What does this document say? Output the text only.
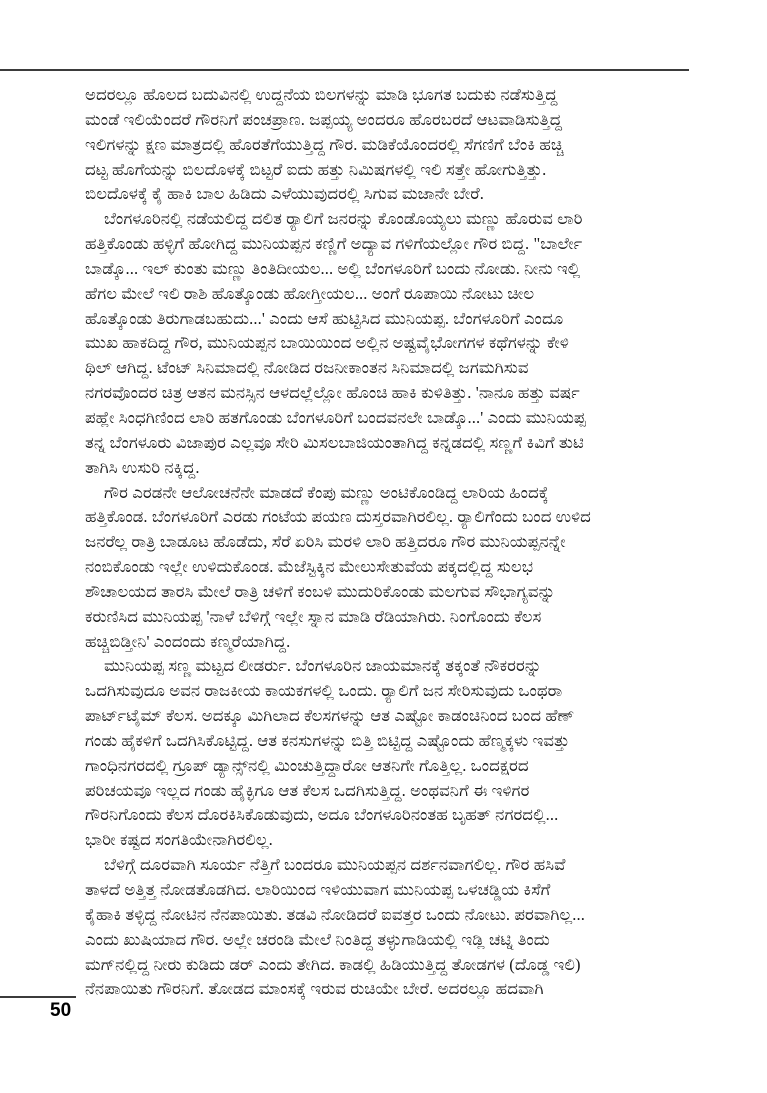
ಅದರಲ್ಲೂ ಹೊಲದ ಬದುವಿನಲ್ಲಿ ಉದ್ದನೆಯ ಬಿಲಗಳನ್ನು ಮಾಡಿ ಭೂಗತ ಬದುಕು ನಡೆಸುತ್ತಿದ್ದ
ಮಂಡೆ ಇಲಿಯೆಂದರೆ ಗೌರನಿಗೆ ಪಂಚಪ್ರಾಣ. ಜಪ್ಪಯ್ಯ ಅಂದರೂ ಹೊರಬರದೆ ಆಟವಾಡಿಸುತ್ತಿದ್ದ
ಇಲಿಗಳನ್ನು ಕ್ಷಣ ಮಾತ್ರದಲ್ಲಿ ಹೊರತೆಗೆಯುತ್ತಿದ್ದ ಗೌರ. ಮಡಿಕೆಯೊಂದರಲ್ಲಿ ಸೆಗಣಿಗೆ ಬೆಂಕಿ ಹಚ್ಚಿ
ದಟ್ಟ ಹೊಗೆಯನ್ನು ಬಿಲದೊಳಕ್ಕೆ ಬಿಟ್ಟರೆ ಐದು ಹತ್ತು ನಿಮಿಷಗಳಲ್ಲಿ ಇಲಿ ಸತ್ತೇ ಹೋಗುತ್ತಿತ್ತು.
ಬಿಲದೊಳಕ್ಕೆ ಕೈ ಹಾಕಿ ಬಾಲ ಹಿಡಿದು ಎಳೆಯುವುದರಲ್ಲಿ ಸಿಗುವ ಮಜಾನೇ ಬೇರೆ.
ಬೆಂಗಳೂರಿನಲ್ಲಿ ನಡೆಯಲಿದ್ದ ದಲಿತ ರ‍್ಯಾಲಿಗೆ ಜನರನ್ನು ಕೊಂಡೊಯ್ಯಲು ಮಣ್ಣು ಹೊರುವ ಲಾರಿ
ಹತ್ತಿಕೊಂಡು ಹಳ್ಳಿಗೆ ಹೋಗಿದ್ದ ಮುನಿಯಪ್ಪನ ಕಣ್ಣಿಗೆ ಅದ್ಯಾವ ಗಳಿಗೆಯಲ್ಲೋ ಗೌರ ಬಿದ್ದ. "ಬಾರ್ಲೇ
ಬಾಡ್ಕೊ... ಇಲ್ ಕುಂತು ಮಣ್ಣು ತಿಂತಿದೀಯಲ... ಅಲ್ಲಿ ಬೆಂಗಳೂರಿಗೆ ಬಂದು ನೋಡು. ನೀನು ಇಲ್ಲಿ
ಹೆಗಲ ಮೇಲೆ ಇಲಿ ರಾಶಿ ಹೊತ್ಕೊಂಡು ಹೋಗ್ತೀಯಲ... ಅಂಗೆ ರೂಪಾಯಿ ನೋಟು ಚೀಲ
ಹೊತ್ಕೊಂಡು ತಿರುಗಾಡಬಹುದು...' ಎಂದು ಆಸೆ ಹುಟ್ಟಿಸಿದ ಮುನಿಯಪ್ಪ. ಬೆಂಗಳೂರಿಗೆ ಎಂದೂ
ಮುಖ ಹಾಕದಿದ್ದ ಗೌರ, ಮುನಿಯಪ್ಪನ ಬಾಯಿಯಿಂದ ಅಲ್ಲಿನ ಅಷ್ಟವೈಭೋಗಗಳ ಕಥೆಗಳನ್ನು ಕೇಳಿ
ಥಿಲ್ ಆಗಿದ್ದ. ಟೆಂಟ್ ಸಿನಿಮಾದಲ್ಲಿ ನೋಡಿದ ರಜನೀಕಾಂತನ ಸಿನಿಮಾದಲ್ಲಿ ಜಗಮಗಿಸುವ
ನಗರವೊಂದರ ಚಿತ್ರ ಆತನ ಮನಸ್ಸಿನ ಆಳದಲ್ಲೆಲ್ಲೋ ಹೊಂಚಿ ಹಾಕಿ ಕುಳಿತಿತ್ತು. 'ನಾನೂ ಹತ್ತು ವರ್ಷ
ಪಹ್ಲೇ ಸಿಂಧಗಿಣಿಂದ ಲಾರಿ ಹತಗೊಂಡು ಬೆಂಗಳೂರಿಗೆ ಬಂದವನಲೇ ಬಾಡ್ಕೊ...' ಎಂದು ಮುನಿಯಪ್ಪ
ತನ್ನ ಬೆಂಗಳೂರು ವಿಜಾಪುರ ಎಲ್ಲವೂ ಸೇರಿ ಮಿಸಲಬಾಜಿಯಂತಾಗಿದ್ದ ಕನ್ನಡದಲ್ಲಿ ಸಣ್ಣಗೆ ಕಿವಿಗೆ ತುಟಿ
ತಾಗಿಸಿ ಉಸುರಿ ನಕ್ಕಿದ್ದ.
ಗೌರ ಎರಡನೇ ಆಲೋಚನೆನೇ ಮಾಡದೆ ಕೆಂಪು ಮಣ್ಣು ಅಂಟಿಕೊಂಡಿದ್ದ ಲಾರಿಯ ಹಿಂದಕ್ಕೆ
ಹತ್ತಿಕೊಂಡ. ಬೆಂಗಳೂರಿಗೆ ಎರಡು ಗಂಟೆಯ ಪಯಣ ದುಸ್ತರವಾಗಿರಲಿಲ್ಲ. ರ‍್ಯಾಲಿಗೆಂದು ಬಂದ ಉಳಿದ
ಜನರೆಲ್ಲ ರಾತ್ರಿ ಬಾಡೂಟ ಹೊಡೆದು, ಸೆರೆ ಏರಿಸಿ ಮರಳಿ ಲಾರಿ ಹತ್ತಿದರೂ ಗೌರ ಮುನಿಯಪ್ಪನನ್ನೇ
ನಂಬಿಕೊಂಡು ಇಲ್ಲೇ ಉಳಿದುಕೊಂಡ. ಮೆಜೆಸ್ಟಿಕ್ಕಿನ ಮೇಲುಸೇತುವೆಯ ಪಕ್ಕದಲ್ಲಿದ್ದ ಸುಲಭ
ಶೌಚಾಲಯದ ತಾರಸಿ ಮೇಲೆ ರಾತ್ರಿ ಚಳಿಗೆ ಕಂಬಳಿ ಮುದುರಿಕೊಂಡು ಮಲಗುವ ಸೌಭಾಗ್ಯವನ್ನು
ಕರುಣಿಸಿದ ಮುನಿಯಪ್ಪ 'ನಾಳೆ ಬೆಳಿಗ್ಗೆ ಇಲ್ಲೇ ಸ್ನಾನ ಮಾಡಿ ರೆಡಿಯಾಗಿರು. ನಿಂಗೊಂದು ಕೆಲಸ
ಹಚ್ಚಿಬಿಡ್ತೀನಿ' ಎಂದಂದು ಕಣ್ಮರೆಯಾಗಿದ್ದ.
ಮುನಿಯಪ್ಪ ಸಣ್ಣ ಮಟ್ಟದ ಲೀಡರ್ರು. ಬೆಂಗಳೂರಿನ ಜಾಯಮಾನಕ್ಕೆ ತಕ್ಕಂತೆ ನೌಕರರನ್ನು
ಒದಗಿಸುವುದೂ ಅವನ ರಾಜಕೀಯ ಕಾಯಕಗಳಲ್ಲಿ ಒಂದು. ರ‍್ಯಾಲಿಗೆ ಜನ ಸೇರಿಸುವುದು ಒಂಥರಾ
ಪಾರ್ಟ್‌ಟೈಮ್ ಕೆಲಸ. ಅದಕ್ಕೂ ಮಿಗಿಲಾದ ಕೆಲಸಗಳನ್ನು ಆತ ಎಷ್ಟೋ ಕಾಡಂಚಿನಿಂದ ಬಂದ ಹೆಣ್
ಗಂಡು ಹೈಕಳಿಗೆ ಒದಗಿಸಿಕೊಟ್ಟಿದ್ದ. ಆತ ಕನಸುಗಳನ್ನು ಬಿತ್ತಿ ಬಿಟ್ಟಿದ್ದ ಎಷ್ಟೊಂದು ಹೆಣ್ಮಕ್ಕಳು ಇವತ್ತು
ಗಾಂಧಿನಗರದಲ್ಲಿ ಗ್ರೂಪ್ ಡ್ಯಾನ್ಸ್‌ನಲ್ಲಿ ಮಿಂಚುತ್ತಿದ್ದಾರೋ ಆತನಿಗೇ ಗೊತ್ತಿಲ್ಲ. ಒಂದಕ್ಷರದ
ಪರಿಚಯವೂ ಇಲ್ಲದ ಗಂಡು ಹೈಕ್ಳಿಗೂ ಆತ ಕೆಲಸ ಒದಗಿಸುತ್ತಿದ್ದ. ಅಂಥವನಿಗೆ ಈ ಇಳಿಗರ
ಗೌರನಿಗೊಂದು ಕೆಲಸ ದೊರಕಿಸಿಕೊಡುವುದು, ಅದೂ ಬೆಂಗಳೂರಿನಂತಹ ಬೃಹತ್ ನಗರದಲ್ಲಿ...
ಭಾರೀ ಕಷ್ಟದ ಸಂಗತಿಯೇನಾಗಿರಲಿಲ್ಲ.
ಬೆಳಿಗ್ಗೆ ದೂರವಾಗಿ ಸೂರ್ಯ ನೆತ್ತಿಗೆ ಬಂದರೂ ಮುನಿಯಪ್ಪನ ದರ್ಶನವಾಗಲಿಲ್ಲ. ಗೌರ ಹಸಿವೆ
ತಾಳದೆ ಅತ್ತಿತ್ತ ನೋಡತೊಡಗಿದ. ಲಾರಿಯಿಂದ ಇಳಿಯುವಾಗ ಮುನಿಯಪ್ಪ ಒಳಚಡ್ಡಿಯ ಕಿಸೆಗೆ
ಕೈಹಾಕಿ ತಳ್ಳಿದ್ದ ನೋಟಿನ ನೆನಪಾಯಿತು. ತಡವಿ ನೋಡಿದರೆ ಐವತ್ತರ ಒಂದು ನೋಟು. ಪರವಾಗಿಲ್ಲ...
ಎಂದು ಖುಷಿಯಾದ ಗೌರ. ಅಲ್ಲೇ ಚರಂಡಿ ಮೇಲೆ ನಿಂತಿದ್ದ ತಳ್ಳುಗಾಡಿಯಲ್ಲಿ ಇಡ್ಲಿ ಚಟ್ನಿ ತಿಂದು
ಮಗ್‌ನಲ್ಲಿದ್ದ ನೀರು ಕುಡಿದು ಡರ್ ಎಂದು ತೇಗಿದ. ಕಾಡಲ್ಲಿ ಹಿಡಿಯುತ್ತಿದ್ದ ತೋಡಗಳ (ದೊಡ್ಡ ಇಲಿ)
ನೆನಪಾಯಿತು ಗೌರನಿಗೆ. ತೋಡದ ಮಾಂಸಕ್ಕೆ ಇರುವ ರುಚಿಯೇ ಬೇರೆ. ಅದರಲ್ಲೂ ಹದವಾಗಿ
50
